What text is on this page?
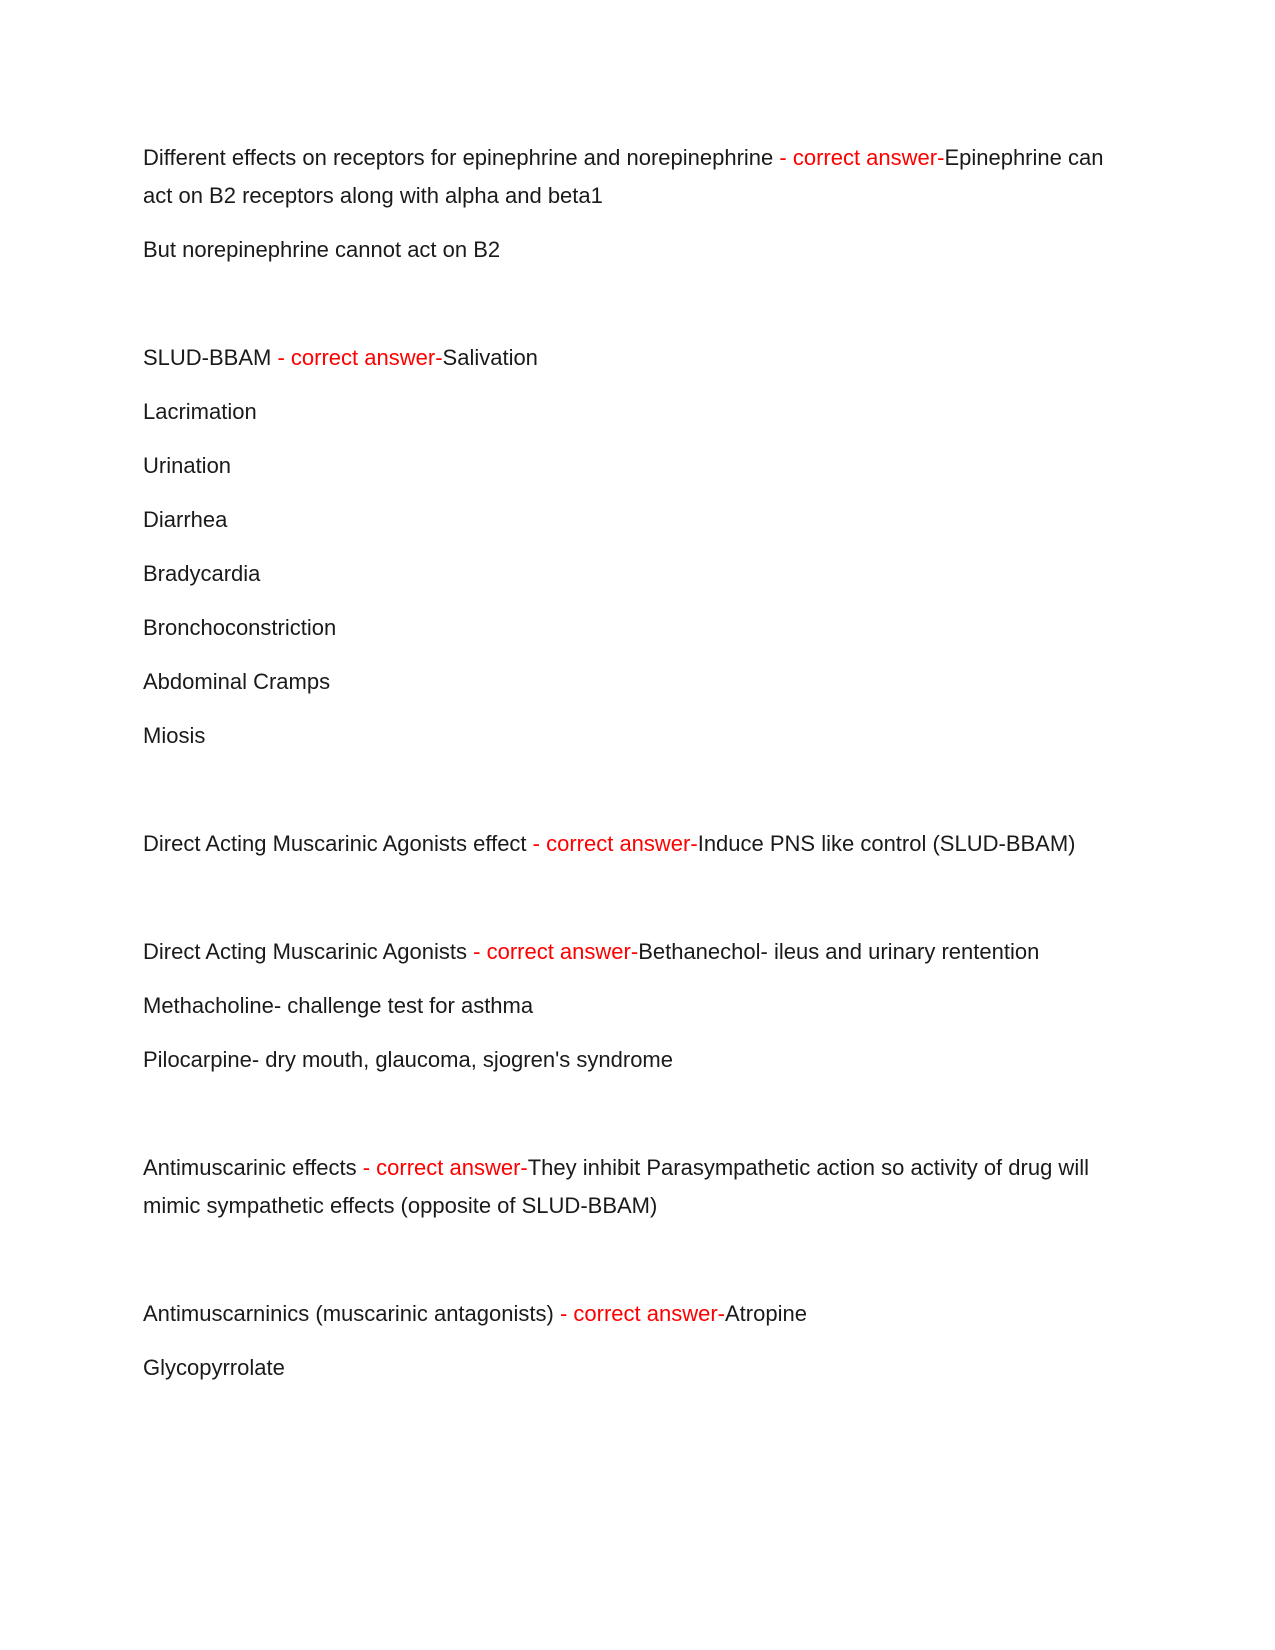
Different effects on receptors for epinephrine and norepinephrine - correct answer-Epinephrine can act on B2 receptors along with alpha and beta1

But norepinephrine cannot act on B2

SLUD-BBAM - correct answer-Salivation

Lacrimation

Urination

Diarrhea

Bradycardia

Bronchoconstriction

Abdominal Cramps

Miosis

Direct Acting Muscarinic Agonists effect - correct answer-Induce PNS like control (SLUD-BBAM)

Direct Acting Muscarinic Agonists - correct answer-Bethanechol- ileus and urinary rentention

Methacholine- challenge test for asthma

Pilocarpine- dry mouth, glaucoma, sjogren's syndrome

Antimuscarinic effects - correct answer-They inhibit Parasympathetic action so activity of drug will mimic sympathetic effects (opposite of SLUD-BBAM)

Antimuscarninics (muscarinic antagonists) - correct answer-Atropine

Glycopyrrolate
